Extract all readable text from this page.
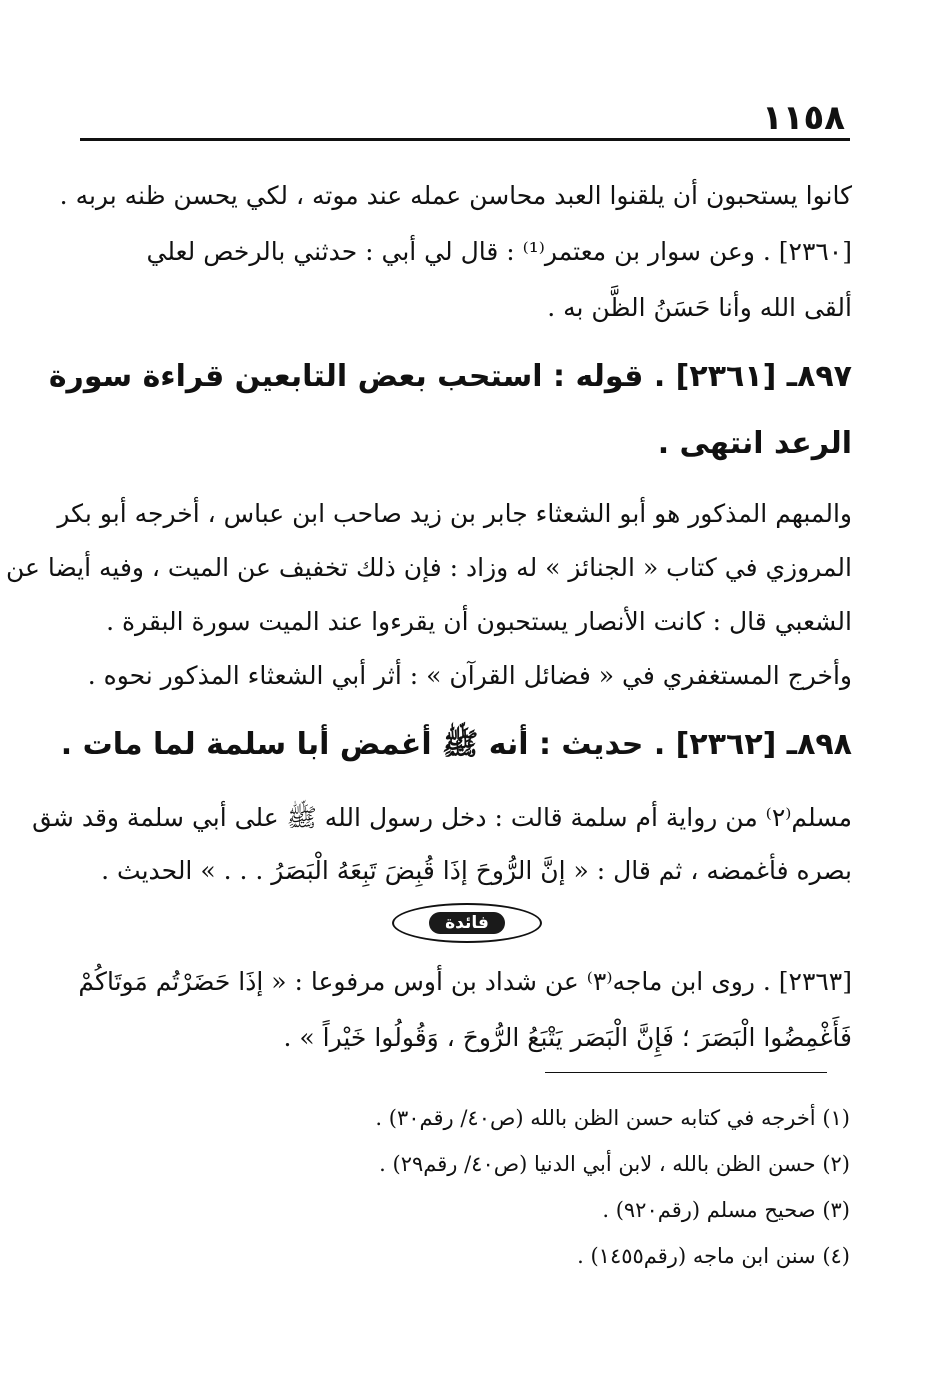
١١٥٨
كانوا يستحبون أن يلقنوا العبد محاسن عمله عند موته ، لكي يحسن ظنه بربه .
[٢٣٦٠] . وعن سوار بن معتمر⁽¹⁾ : قال لي أبي : حدثني بالرخص لعلي
ألقى الله وأنا حَسَنُ الظَّن به .
٨٩٧ـ [٢٣٦١] . قوله : استحب بعض التابعين قراءة سورة
الرعد انتهى .
والمبهم المذكور هو أبو الشعثاء جابر بن زيد صاحب ابن عباس ، أخرجه أبو بكر
المروزي في كتاب « الجنائز » له وزاد : فإن ذلك تخفيف عن الميت ، وفيه أيضا عن
الشعبي قال : كانت الأنصار يستحبون أن يقرءوا عند الميت سورة البقرة .
وأخرج المستغفري في « فضائل القرآن » : أثر أبي الشعثاء المذكور نحوه .
٨٩٨ـ [٢٣٦٢] . حديث : أنه ﷺ أغمض أبا سلمة لما مات .
مسلم⁽٢⁾ من رواية أم سلمة قالت : دخل رسول الله ﷺ على أبي سلمة وقد شق
بصره فأغمضه ، ثم قال : « إنَّ الرُّوحَ إذَا قُبِضَ تَبِعَهُ الْبَصَرُ . . . » الحديث .
فائدة
[٢٣٦٣] . روى ابن ماجه⁽٣⁾ عن شداد بن أوس مرفوعا : « إذَا حَضَرْتُم مَوتَاكُمْ
فَأَغْمِضُوا الْبَصَرَ ؛ فَإِنَّ الْبَصَر يَتْبَعُ الرُّوحَ ، وَقُولُوا خَيْراً » .
(١) أخرجه في كتابه حسن الظن بالله (ص٤٠/ رقم٣٠) .
(٢) حسن الظن بالله ، لابن أبي الدنيا (ص٤٠/ رقم٢٩) .
(٣) صحيح مسلم (رقم٩٢٠) .
(٤) سنن ابن ماجه (رقم١٤٥٥) .
